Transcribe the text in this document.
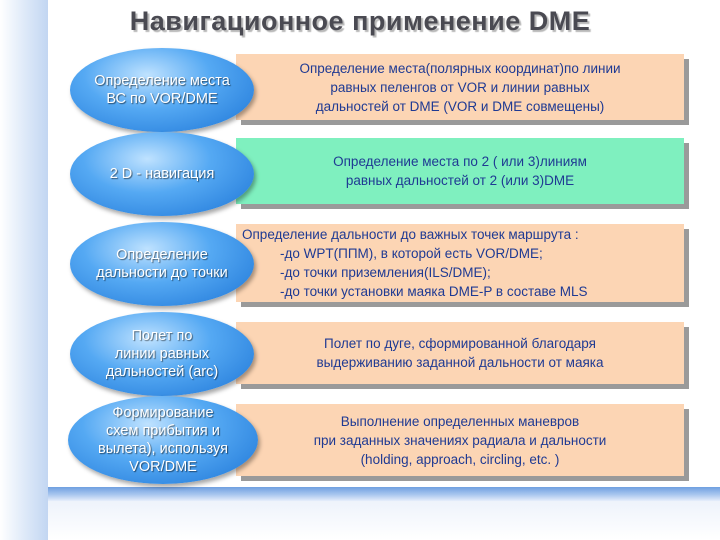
Навигационное применение DME
Определение места(полярных координат)по линии
равных пеленгов от VOR и линии равных
дальностей от DME (VOR и DME совмещены)
Определение места
ВС по VOR/DME
Определение места по 2 ( или 3)линиям
равных дальностей от 2 (или 3)DME
2 D - навигация
Определение дальности до важных точек маршрута :
-до WPT(ППМ), в которой есть VOR/DME;
-до точки приземления(ILS/DME);
-до точки установки маяка DME-P в составе MLS
Определение
дальности до точки
Полет по дуге, сформированной благодаря
выдерживанию заданной дальности от маяка
Полет по
линии равных
дальностей (arc)
Выполнение определенных маневров
при заданных значениях радиала и дальности
(holding, approach, circling, etc. )
Формирование
схем прибытия и
вылета), используя
VOR/DME
